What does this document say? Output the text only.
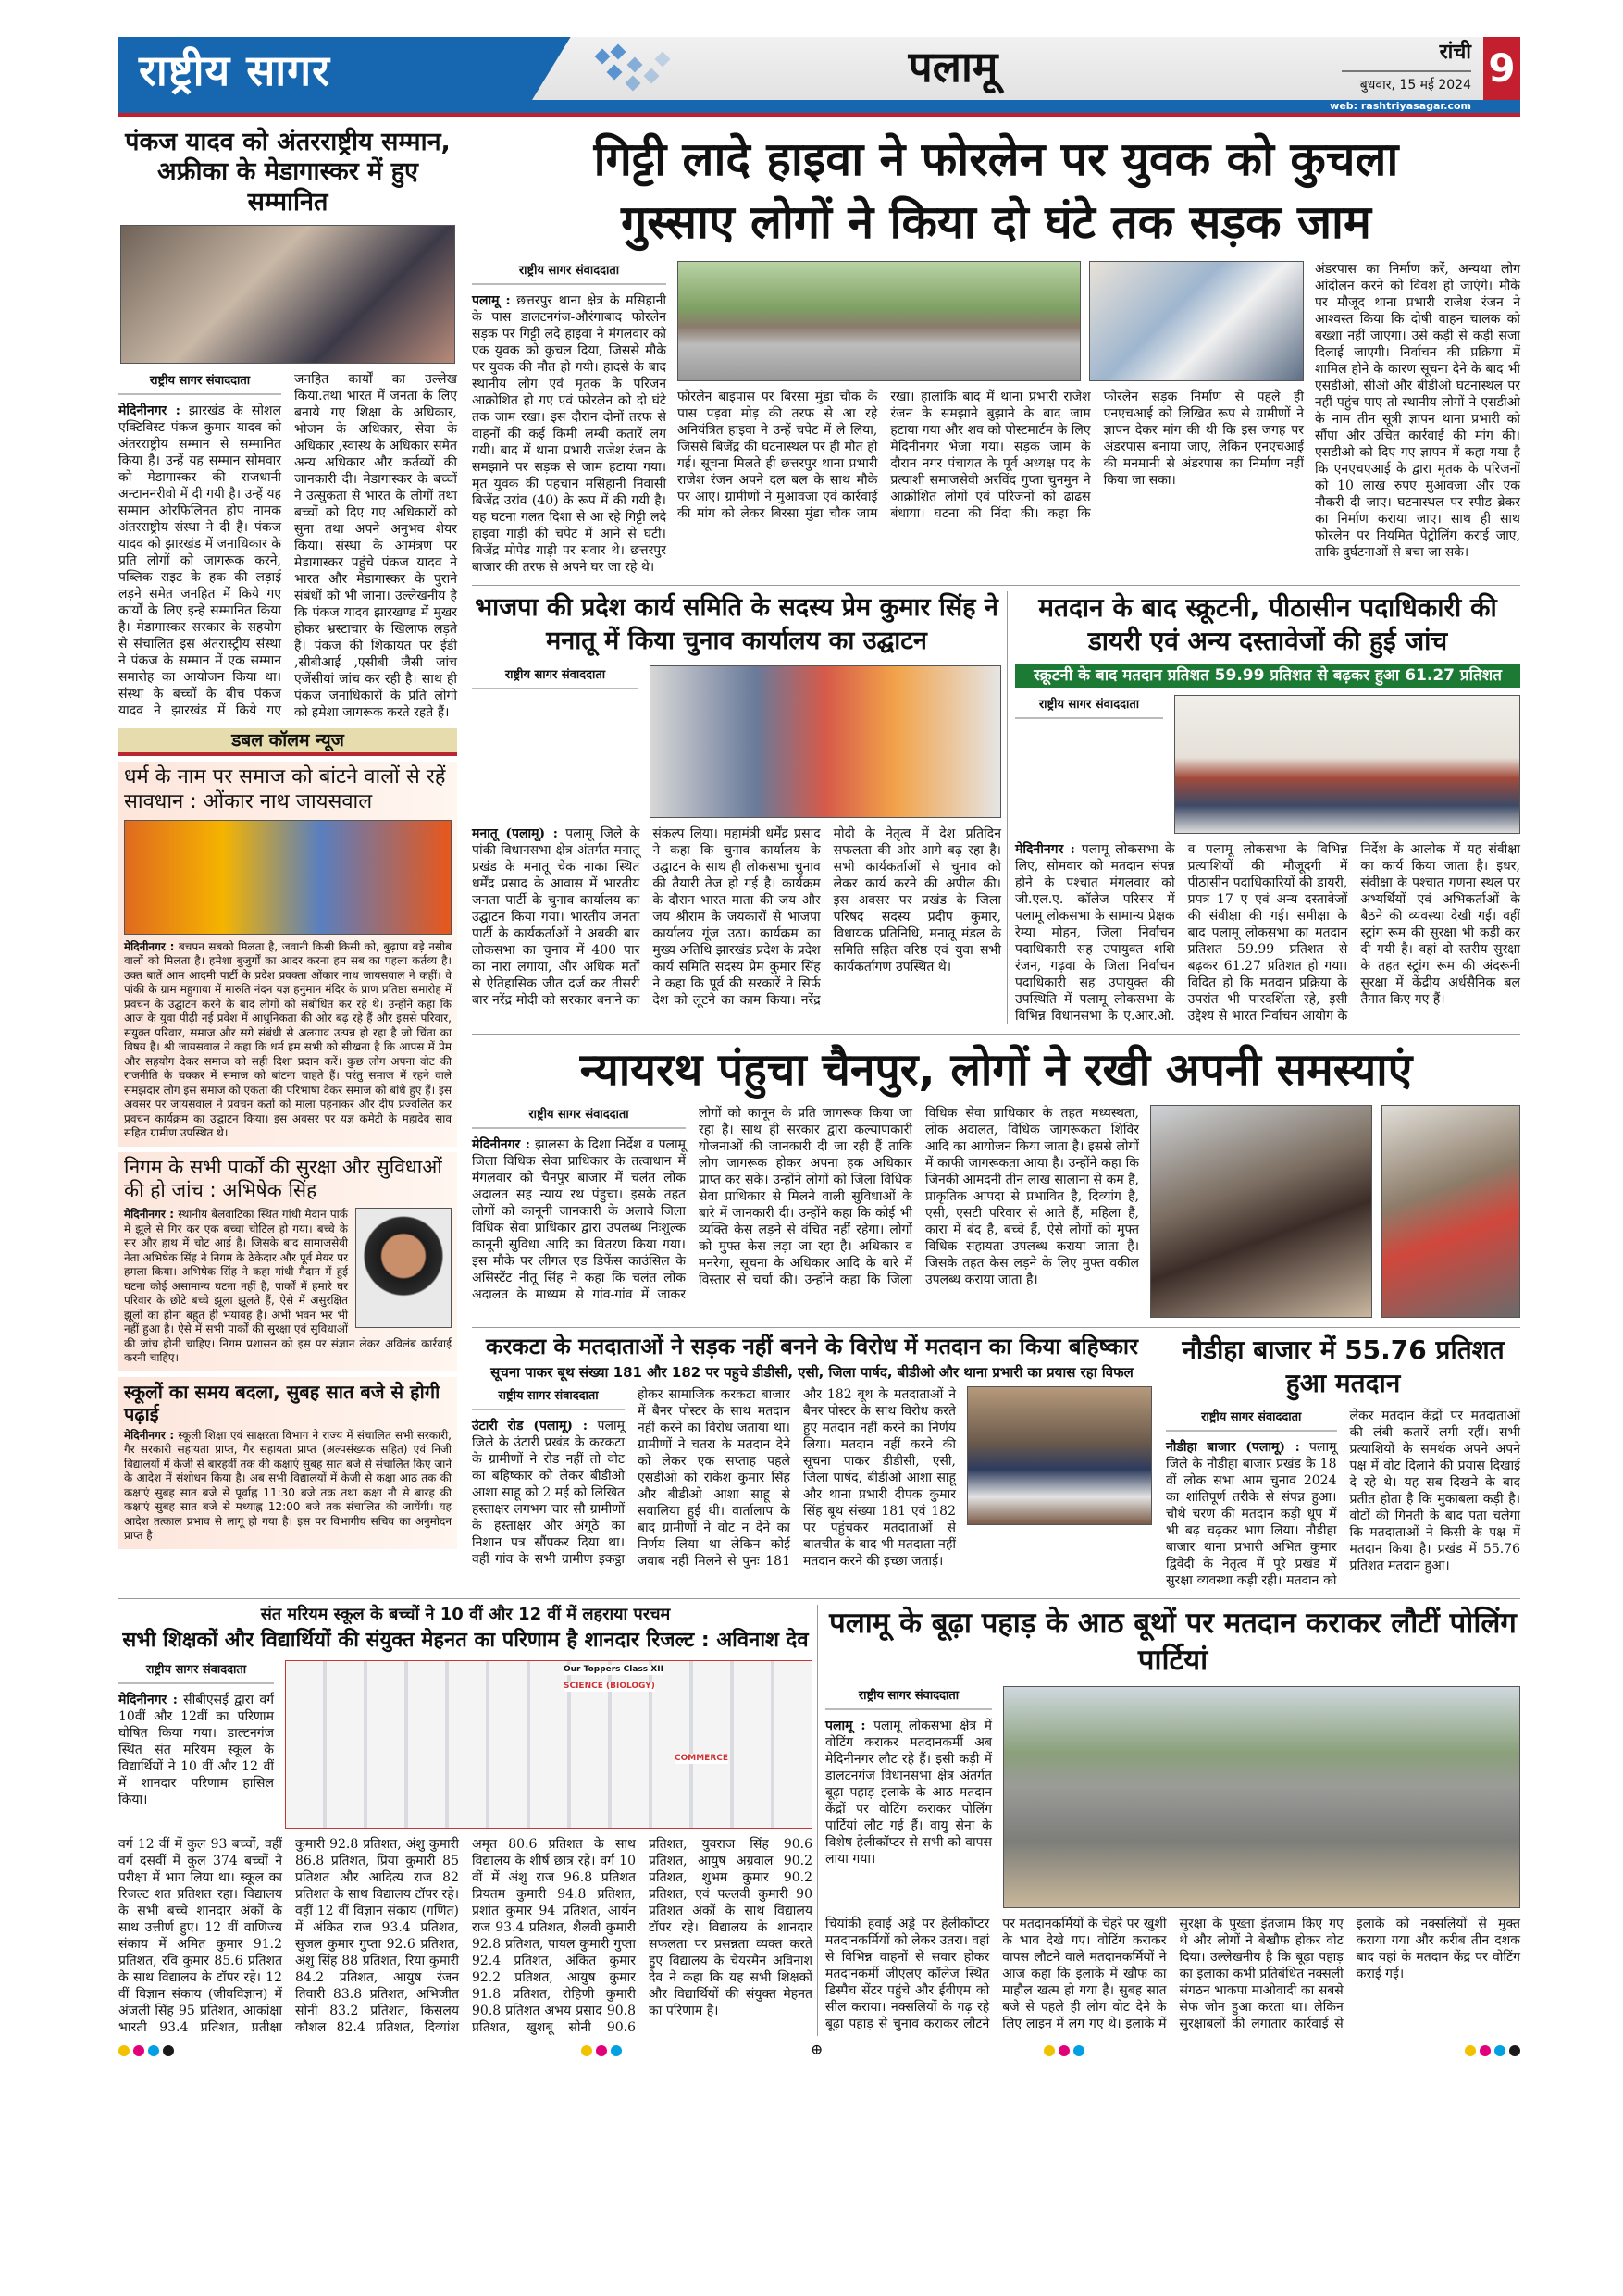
राष्ट्रीय सागर	पलामू	रांची
बुधवार, 15 मई 2024 9
web: rashtriyasagar.com
पंकज यादव को अंतरराष्ट्रीय सम्मान, अफ्रीका के मेडागास्कर में हुए सम्मानित
राष्ट्रीय सागर संवाददाता
मेदिनीनगर : झारखंड के सोशल एक्टिविस्ट पंकज कुमार यादव को अंतरराष्ट्रीय सम्मान से सम्मानित किया है। उन्हें यह सम्मान सोमवार को मेडागास्कर की राजधानी अन्टाननरीवो में दी गयी है। उन्हें यह सम्मान ओरफिलिनत होप नामक अंतरराष्ट्रीय संस्था ने दी है। पंकज यादव को झारखंड में जनाधिकार के प्रति लोगों को जागरूक करने, पब्लिक राइट के हक की लड़ाई लड़ने समेत जनहित में किये गए कार्यों के लिए इन्हे सम्मानित किया है। मेडागास्कर सरकार के सहयोग से संचालित इस अंतरास्ट्रीय संस्था ने पंकज के सम्मान में एक सम्मान समारोह का आयोजन किया था। संस्था के बच्चों के बीच पंकज यादव ने झारखंड में किये गए जनहित कार्यों का उल्लेख किया.तथा भारत में जनता के लिए बनाये गए शिक्षा के अधिकार, भोजन के अधिकार, सेवा के अधिकार ,स्वास्थ के अधिकार समेत अन्य अधिकार और कर्तव्यों की जानकारी दी। मेडागास्कर के बच्चों ने उत्सुकता से भारत के लोगों तथा बच्चों को दिए गए अधिकारों को सुना तथा अपने अनुभव शेयर किया। संस्था के आमंत्रण पर मेडागास्कर पहुंचे पंकज यादव ने भारत और मेडागास्कर के पुराने संबंधों को भी जाना। उल्लेखनीय है कि पंकज यादव झारखण्ड में मुखर होकर भ्रस्टाचार के खिलाफ लड़ते हैं। पंकज की शिकायत पर ईडी ,सीबीआई ,एसीबी जैसी जांच एजेंसीयां जांच कर रही है। साथ ही पंकज जनाधिकारों के प्रति लोगो को हमेशा जागरूक करते रहते हैं।
डबल कॉलम न्यूज
धर्म के नाम पर समाज को बांटने वालों से रहें सावधान : ओंकार नाथ जायसवाल
मेदिनीनगर : बचपन सबको मिलता है, जवानी किसी किसी को, बुढ़ापा बड़े नसीब वालों को मिलता है। हमेशा बुजुर्गों का आदर करना हम सब का पहला कर्तव्य है। उक्त बातें आम आदमी पार्टी के प्रदेश प्रवक्ता ओंकार नाथ जायसवाल ने कहीं। वे पांकी के ग्राम महुगावा में मारुति नंदन यज्ञ हनुमान मंदिर के प्राण प्रतिष्ठा समारोह में प्रवचन के उद्घाटन करने के बाद लोगों को संबोधित कर रहे थे। उन्होंने कहा कि आज के युवा पीढ़ी नई प्रवेश में आधुनिकता की ओर बढ़ रहे हैं और इससे परिवार, संयुक्त परिवार, समाज और सगे संबंधी से अलगाव उत्पन्न हो रहा है जो चिंता का विषय है। श्री जायसवाल ने कहा कि धर्म हम सभी को सीखना है कि आपस में प्रेम और सहयोग देकर समाज को सही दिशा प्रदान करें। कुछ लोग अपना वोट की राजनीति के चक्कर में समाज को बांटना चाहते हैं। परंतु समाज में रहने वाले समझदार लोग इस समाज को एकता की परिभाषा देकर समाज को बांधे हुए हैं। इस अवसर पर जायसवाल ने प्रवचन कर्ता को माला पहनाकर और दीप प्रज्वलित कर प्रवचन कार्यक्रम का उद्घाटन किया। इस अवसर पर यज्ञ कमेटी के महादेव साव सहित ग्रामीण उपस्थित थे।
निगम के सभी पार्कों की सुरक्षा और सुविधाओं की हो जांच : अभिषेक सिंह
मेदिनीनगर : स्थानीय बेलवाटिका स्थित गांधी मैदान पार्क में झूले से गिर कर एक बच्चा चोटिल हो गया। बच्चे के सर और हाथ में चोट आई है। जिसके बाद सामाजसेवी नेता अभिषेक सिंह ने निगम के ठेकेदार और पूर्व मेयर पर हमला किया। अभिषेक सिंह ने कहा गांधी मैदान में हुई घटना कोई असामान्य घटना नहीं है, पार्कों में हमारे घर परिवार के छोटे बच्चे झूला झूलते हैं, ऐसे में असुरक्षित झूलों का होना बहुत ही भयावह है। अभी भवन भर भी नहीं हुआ है। ऐसे में सभी पार्कों की सुरक्षा एवं सुविधाओं की जांच होनी चाहिए। निगम प्रशासन को इस पर संज्ञान लेकर अविलंब कार्रवाई करनी चाहिए।
स्कूलों का समय बदला, सुबह सात बजे से होगी पढ़ाई
मेदिनीनगर : स्कूली शिक्षा एवं साक्षरता विभाग ने राज्य में संचालित सभी सरकारी, गैर सरकारी सहायता प्राप्त, गैर सहायता प्राप्त (अल्पसंख्यक सहित) एवं निजी विद्यालयों में केजी से बारहवीं तक की कक्षाएं सुबह सात बजे से संचालित किए जाने के आदेश में संशोधन किया है। अब सभी विद्यालयों में केजी से कक्षा आठ तक की कक्षाएं सुबह सात बजे से पूर्वाह्न 11:30 बजे तक तथा कक्षा नौ से बारह की कक्षाएं सुबह सात बजे से मध्याह्न 12:00 बजे तक संचालित की जायेंगी। यह आदेश तत्काल प्रभाव से लागू हो गया है। इस पर विभागीय सचिव का अनुमोदन प्राप्त है।
गिट्टी लादे हाइवा ने फोरलेन पर युवक को कुचला
गुस्साए लोगों ने किया दो घंटे तक सड़क जाम
राष्ट्रीय सागर संवाददाता
पलामू : छत्तरपुर थाना क्षेत्र के मसिहानी के पास डालटनगंज-औरंगाबाद फोरलेन सड़क पर गिट्टी लदे हाइवा ने मंगलवार को एक युवक को कुचल दिया, जिससे मौके पर युवक की मौत हो गयी। हादसे के बाद स्थानीय लोग एवं मृतक के परिजन आक्रोशित हो गए एवं फोरलेन को दो घंटे तक जाम रखा। इस दौरान दोनों तरफ से वाहनों की कई किमी लम्बी कतारें लग गयी। बाद में थाना प्रभारी राजेश रंजन के समझाने पर सड़क से जाम हटाया गया। मृत युवक की पहचान मसिहानी निवासी बिजेंद्र उरांव (40) के रूप में की गयी है। यह घटना गलत दिशा से आ रहे गिट्टी लदे हाइवा गाड़ी की चपेट में आने से घटी। बिजेंद्र मोपेड गाड़ी पर सवार थे। छत्तरपुर बाजार की तरफ से अपने घर जा रहे थे।
फोरलेन बाइपास पर बिरसा मुंडा चौक के पास पड़वा मोड़ की तरफ से आ रहे अनियंत्रित हाइवा ने उन्हें चपेट में ले लिया, जिससे बिजेंद्र की घटनास्थल पर ही मौत हो गई। सूचना मिलते ही छत्तरपुर थाना प्रभारी राजेश रंजन अपने दल बल के साथ मौके पर आए। ग्रामीणों ने मुआवजा एवं कार्रवाई की मांग को लेकर बिरसा मुंडा चौक जाम रखा। हालांकि बाद में थाना प्रभारी राजेश रंजन के समझाने बुझाने के बाद जाम हटाया गया और शव को पोस्टमार्टम के लिए मेदिनीनगर भेजा गया। सड़क जाम के दौरान नगर पंचायत के पूर्व अध्यक्ष पद के प्रत्याशी समाजसेवी अरविंद गुप्ता चुनमुन ने आक्रोशित लोगों एवं परिजनों को ढाढस बंधाया। घटना की निंदा की। कहा कि फोरलेन सड़क निर्माण से पहले ही एनएचआई को लिखित रूप से ग्रामीणों ने ज्ञापन देकर मांग की थी कि इस जगह पर अंडरपास बनाया जाए, लेकिन एनएचआई की मनमानी से अंडरपास का निर्माण नहीं किया जा सका।
अंडरपास का निर्माण करें, अन्यथा लोग आंदोलन करने को विवश हो जाएंगे। मौके पर मौजूद थाना प्रभारी राजेश रंजन ने आश्वस्त किया कि दोषी वाहन चालक को बख्शा नहीं जाएगा। उसे कड़ी से कड़ी सजा दिलाई जाएगी। निर्वाचन की प्रक्रिया में शामिल होने के कारण सूचना देने के बाद भी एसडीओ, सीओ और बीडीओ घटनास्थल पर नहीं पहुंच पाए तो स्थानीय लोगों ने एसडीओ के नाम तीन सूत्री ज्ञापन थाना प्रभारी को सौंपा और उचित कार्रवाई की मांग की। एसडीओ को दिए गए ज्ञापन में कहा गया है कि एनएचएआई के द्वारा मृतक के परिजनों को 10 लाख रुपए मुआवजा और एक नौकरी दी जाए। घटनास्थल पर स्पीड ब्रेकर का निर्माण कराया जाए। साथ ही साथ फोरलेन पर नियमित पेट्रोलिंग कराई जाए, ताकि दुर्घटनाओं से बचा जा सके।
भाजपा की प्रदेश कार्य समिति के सदस्य प्रेम कुमार सिंह ने मनातू में किया चुनाव कार्यालय का उद्घाटन
राष्ट्रीय सागर संवाददाता
मनातू (पलामू) : पलामू जिले के पांकी विधानसभा क्षेत्र अंतर्गत मनातू प्रखंड के मनातू चेक नाका स्थित धर्मेंद्र प्रसाद के आवास में भारतीय जनता पार्टी के चुनाव कार्यालय का उद्घाटन किया गया। भारतीय जनता पार्टी के कार्यकर्ताओं ने अबकी बार लोकसभा का चुनाव में 400 पार का नारा लगाया, और अधिक मतों से ऐतिहासिक जीत दर्ज कर तीसरी बार नरेंद्र मोदी को सरकार बनाने का संकल्प लिया। महामंत्री धर्मेंद्र प्रसाद ने कहा कि चुनाव कार्यालय के उद्घाटन के साथ ही लोकसभा चुनाव की तैयारी तेज हो गई है। कार्यक्रम के दौरान भारत माता की जय और जय श्रीराम के जयकारों से भाजपा कार्यालय गूंज उठा। कार्यक्रम का मुख्य अतिथि झारखंड प्रदेश के प्रदेश कार्य समिति सदस्य प्रेम कुमार सिंह ने कहा कि पूर्व की सरकारें ने सिर्फ देश को लूटने का काम किया। नरेंद्र मोदी के नेतृत्व में देश प्रतिदिन सफलता की ओर आगे बढ़ रहा है। सभी कार्यकर्ताओं से चुनाव को लेकर कार्य करने की अपील की। इस अवसर पर प्रखंड के जिला परिषद सदस्य प्रदीप कुमार, विधायक प्रतिनिधि, मनातू मंडल के समिति सहित वरिष्ठ एवं युवा सभी कार्यकर्तागण उपस्थित थे।
मतदान के बाद स्क्रूटनी, पीठासीन पदाधिकारी की डायरी एवं अन्य दस्तावेजों की हुई जांच
स्क्रूटनी के बाद मतदान प्रतिशत 59.99 प्रतिशत से बढ़कर हुआ 61.27 प्रतिशत
राष्ट्रीय सागर संवाददाता
मेदिनीनगर : पलामू लोकसभा के लिए, सोमवार को मतदान संपन्न होने के पश्चात मंगलवार को जी.एल.ए. कॉलेज परिसर में पलामू लोकसभा के सामान्य प्रेक्षक रेम्या मोहन, जिला निर्वाचन पदाधिकारी सह उपायुक्त शशि रंजन, गढ़वा के जिला निर्वाचन पदाधिकारी सह उपायुक्त की उपस्थिति में पलामू लोकसभा के विभिन्न विधानसभा के ए.आर.ओ. व पलामू लोकसभा के विभिन्न प्रत्याशियों की मौजूदगी में पीठासीन पदाधिकारियों की डायरी, प्रपत्र 17 ए एवं अन्य दस्तावेजों की संवीक्षा की गई। समीक्षा के बाद पलामू लोकसभा का मतदान प्रतिशत 59.99 प्रतिशत से बढ़कर 61.27 प्रतिशत हो गया। विदित हो कि मतदान प्रक्रिया के उपरांत भी पारदर्शिता रहे, इसी उद्देश्य से भारत निर्वाचन आयोग के निर्देश के आलोक में यह संवीक्षा का कार्य किया जाता है। इधर, संवीक्षा के पश्चात गणना स्थल पर अभ्यर्थियों एवं अभिकर्ताओं के बैठने की व्यवस्था देखी गई। वहीं स्ट्रांग रूम की सुरक्षा भी कड़ी कर दी गयी है। वहां दो स्तरीय सुरक्षा के तहत स्ट्रांग रूम की अंदरूनी सुरक्षा में केंद्रीय अर्धसैनिक बल तैनात किए गए हैं।
न्यायरथ पंहुचा चैनपुर, लोगों ने रखी अपनी समस्याएं
राष्ट्रीय सागर संवाददाता
मेदिनीनगर : झालसा के दिशा निर्देश व पलामू जिला विधिक सेवा प्राधिकार के तत्वाधान में मंगलवार को चैनपुर बाजार में चलंत लोक अदालत सह न्याय रथ पंहुचा। इसके तहत लोगों को कानूनी जानकारी के अलावे जिला विधिक सेवा प्राधिकार द्वारा उपलब्ध निःशुल्क कानूनी सुविधा आदि का वितरण किया गया। इस मौके पर लीगल एड डिफेंस काउंसिल के असिस्टेंट नीतू सिंह ने कहा कि चलंत लोक अदालत के माध्यम से गांव-गांव में जाकर लोगों को कानून के प्रति जागरूक किया जा रहा है। साथ ही सरकार द्वारा कल्याणकारी योजनाओं की जानकारी दी जा रही हैं ताकि लोग जागरूक होकर अपना हक अधिकार प्राप्त कर सके। उन्होंने लोगों को जिला विधिक सेवा प्राधिकार से मिलने वाली सुविधाओं के बारे में जानकारी दी। उन्होंने कहा कि कोई भी व्यक्ति केस लड़ने से वंचित नहीं रहेगा। लोगों को मुफ्त केस लड़ा जा रहा है। अधिकार व मनरेगा, सूचना के अधिकार आदि के बारे में विस्तार से चर्चा की। उन्होंने कहा कि जिला विधिक सेवा प्राधिकार के तहत मध्यस्थता, लोक अदालत, विधिक जागरूकता शिविर आदि का आयोजन किया जाता है। इससे लोगों में काफी जागरूकता आया है। उन्होंने कहा कि जिनकी आमदनी तीन लाख सालाना से कम है, प्राकृतिक आपदा से प्रभावित है, दिव्यांग है, एसी, एसटी परिवार से आते हैं, महिला हैं, कारा में बंद है, बच्चे हैं, ऐसे लोगों को मुफ्त विधिक सहायता उपलब्ध कराया जाता है। जिसके तहत केस लड़ने के लिए मुफ्त वकील उपलब्ध कराया जाता है।
करकटा के मतदाताओं ने सड़क नहीं बनने के विरोध में मतदान का किया बहिष्कार
सूचना पाकर बूथ संख्या 181 और 182 पर पहुचे डीडीसी, एसी, जिला पार्षद, बीडीओ और थाना प्रभारी का प्रयास रहा विफल
राष्ट्रीय सागर संवाददाता
उंटारी रोड (पलामू) : पलामू जिले के उंटारी प्रखंड के करकटा के ग्रामीणों ने रोड नहीं तो वोट का बहिष्कार को लेकर बीडीओ आशा साहू को 2 मई को लिखित हस्ताक्षर लगभग चार सौ ग्रामीणों के हस्ताक्षर और अंगूठे का निशान पत्र सौंपकर दिया था। वहीं गांव के सभी ग्रामीण इकट्ठा होकर सामाजिक करकटा बाजार में बैनर पोस्टर के साथ मतदान नहीं करने का विरोध जताया था। ग्रामीणों ने चतरा के मतदान देने को लेकर एक सप्ताह पहले एसडीओ को राकेश कुमार सिंह और बीडीओ आशा साहू से सवालिया हुई थी। वार्तालाप के बाद ग्रामीणों ने वोट न देने का निर्णय लिया था लेकिन कोई जवाब नहीं मिलने से पुनः 181 और 182 बूथ के मतदाताओं ने बैनर पोस्टर के साथ विरोध करते हुए मतदान नहीं करने का निर्णय लिया। मतदान नहीं करने की सूचना पाकर डीडीसी, एसी, जिला पार्षद, बीडीओ आशा साहू और थाना प्रभारी दीपक कुमार सिंह बूथ संख्या 181 एवं 182 पर पहुंचकर मतदाताओं से बातचीत के बाद भी मतदाता नहीं मतदान करने की इच्छा जताई।
नौडीहा बाजार में 55.76 प्रतिशत हुआ मतदान
राष्ट्रीय सागर संवाददाता
नौडीहा बाजार (पलामू) : पलामू जिले के नौडीहा बाजार प्रखंड के 18 वीं लोक सभा आम चुनाव 2024 का शांतिपूर्ण तरीके से संपन्न हुआ। चौथे चरण की मतदान कड़ी धूप में भी बढ़ चढ़कर भाग लिया। नौडीहा बाजार थाना प्रभारी अभित कुमार द्विवेदी के नेतृत्व में पूरे प्रखंड में सुरक्षा व्यवस्था कड़ी रही। मतदान को लेकर मतदान केंद्रों पर मतदाताओं की लंबी कतारें लगी रहीं। सभी प्रत्याशियों के समर्थक अपने अपने पक्ष में वोट दिलाने की प्रयास दिखाई दे रहे थे। यह सब दिखने के बाद प्रतीत होता है कि मुकाबला कड़ी है। वोटों की गिनती के बाद पता चलेगा कि मतदाताओं ने किसी के पक्ष में मतदान किया है। प्रखंड में 55.76 प्रतिशत मतदान हुआ।
संत मरियम स्कूल के बच्चों ने 10 वीं और 12 वीं में लहराया परचम
सभी शिक्षकों और विद्यार्थियों की संयुक्त मेहनत का परिणाम है शानदार रिजल्ट : अविनाश देव
राष्ट्रीय सागर संवाददाता
मेदिनीनगर : सीबीएसई द्वारा वर्ग 10वीं और 12वीं का परिणाम घोषित किया गया। डाल्टनगंज स्थित संत मरियम स्कूल के विद्यार्थियों ने 10 वीं और 12 वीं में शानदार परिणाम हासिल किया।
Our Toppers Class XII
SCIENCE (BIOLOGY)
COMMERCE
वर्ग 12 वीं में कुल 93 बच्चों, वहीं वर्ग दसवीं में कुल 374 बच्चों ने परीक्षा में भाग लिया था। स्कूल का रिजल्ट शत प्रतिशत रहा। विद्यालय के सभी बच्चे शानदार अंकों के साथ उत्तीर्ण हुए। 12 वीं वाणिज्य संकाय में अमित कुमार 91.2 प्रतिशत, रवि कुमार 85.6 प्रतिशत के साथ विद्यालय के टॉपर रहे। 12 वीं विज्ञान संकाय (जीवविज्ञान) में अंजली सिंह 95 प्रतिशत, आकांक्षा भारती 93.4 प्रतिशत, प्रतीक्षा कुमारी 92.8 प्रतिशत, अंशु कुमारी 86.8 प्रतिशत, प्रिया कुमारी 85 प्रतिशत और आदित्य राज 82 प्रतिशत के साथ विद्यालय टॉपर रहे। वहीं 12 वीं विज्ञान संकाय (गणित) में अंकित राज 93.4 प्रतिशत, सुजल कुमार गुप्ता 92.6 प्रतिशत, अंशु सिंह 88 प्रतिशत, रिया कुमारी 84.2 प्रतिशत, आयुष रंजन तिवारी 83.8 प्रतिशत, अभिजीत सोनी 83.2 प्रतिशत, किसलय कौशल 82.4 प्रतिशत, दिव्यांश अमृत 80.6 प्रतिशत के साथ विद्यालय के शीर्ष छात्र रहे। वर्ग 10 वीं में अंशु राज 96.8 प्रतिशत प्रियतम कुमारी 94.8 प्रतिशत, प्रशांत कुमार 94 प्रतिशत, आर्यन राज 93.4 प्रतिशत, शैलवी कुमारी 92.8 प्रतिशत, पायल कुमारी गुप्ता 92.4 प्रतिशत, अंकित कुमार 92.2 प्रतिशत, आयुष कुमार 91.8 प्रतिशत, रोहिणी कुमारी 90.8 प्रतिशत अभय प्रसाद 90.8 प्रतिशत, खुशबू सोनी 90.6 प्रतिशत, युवराज सिंह 90.6 प्रतिशत, आयुष अग्रवाल 90.2 प्रतिशत, शुभम कुमार 90.2 प्रतिशत, एवं पल्लवी कुमारी 90 प्रतिशत अंकों के साथ विद्यालय टॉपर रहे। विद्यालय के शानदार सफलता पर प्रसन्नता व्यक्त करते हुए विद्यालय के चेयरमैन अविनाश देव ने कहा कि यह सभी शिक्षकों और विद्यार्थियों की संयुक्त मेहनत का परिणाम है।
पलामू के बूढ़ा पहाड़ के आठ बूथों पर मतदान कराकर लौटीं पोलिंग पार्टियां
राष्ट्रीय सागर संवाददाता
पलामू : पलामू लोकसभा क्षेत्र में वोटिंग कराकर मतदानकर्मी अब मेदिनीनगर लौट रहे हैं। इसी कड़ी में डालटनगंज विधानसभा क्षेत्र अंतर्गत बूढ़ा पहाड़ इलाके के आठ मतदान केंद्रों पर वोटिंग कराकर पोलिंग पार्टियां लौट गई हैं। वायु सेना के विशेष हेलीकॉप्टर से सभी को वापस लाया गया।
चियांकी हवाई अड्डे पर हेलीकॉप्टर मतदानकर्मियों को लेकर उतरा। वहां से विभिन्न वाहनों से सवार होकर मतदानकर्मी जीएलए कॉलेज स्थित डिस्पैच सेंटर पहुंचे और ईवीएम को सील कराया। नक्सलियों के गढ़ रहे बूढ़ा पहाड़ से चुनाव कराकर लौटने पर मतदानकर्मियों के चेहरे पर खुशी के भाव देखे गए। वोटिंग कराकर वापस लौटने वाले मतदानकर्मियों ने आज कहा कि इलाके में खौफ का माहौल खत्म हो गया है। सुबह सात बजे से पहले ही लोग वोट देने के लिए लाइन में लग गए थे। इलाके में सुरक्षा के पुख्ता इंतजाम किए गए थे और लोगों ने बेखौफ होकर वोट दिया। उल्लेखनीय है कि बूढ़ा पहाड़ का इलाका कभी प्रतिबंधित नक्सली संगठन भाकपा माओवादी का सबसे सेफ जोन हुआ करता था। लेकिन सुरक्षाबलों की लगातार कार्रवाई से इलाके को नक्सलियों से मुक्त कराया गया और करीब तीन दशक बाद यहां के मतदान केंद्र पर वोटिंग कराई गई।
⊕
